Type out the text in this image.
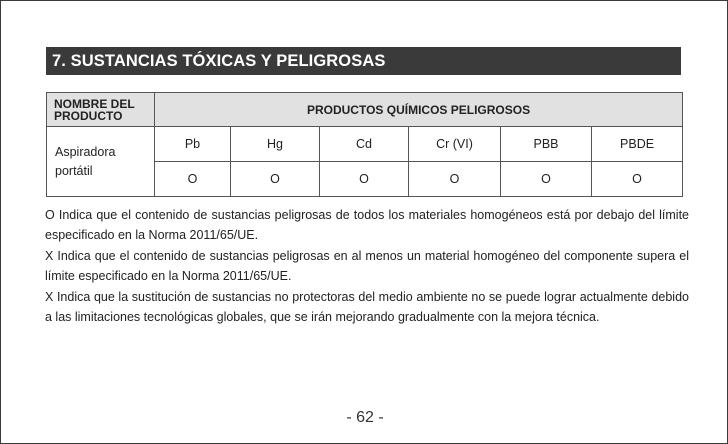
7. SUSTANCIAS TÓXICAS Y PELIGROSAS
NOMBRE DEL PRODUCTO	PRODUCTOS QUÍMICOS PELIGROSOS					
Aspiradora portátil	Pb	Hg	Cd	Cr (VI)	PBB	PBDE
	O	O	O	O	O	O

O Indica que el contenido de sustancias peligrosas de todos los materiales homogéneos está por debajo del límite especificado en la Norma 2011/65/UE.

X Indica que el contenido de sustancias peligrosas en al menos un material homogéneo del componente supera el límite especificado en la Norma 2011/65/UE.

X Indica que la sustitución de sustancias no protectoras del medio ambiente no se puede lograr actualmente debido a las limitaciones tecnológicas globales, que se irán mejorando gradualmente con la mejora técnica.

- 62 -
